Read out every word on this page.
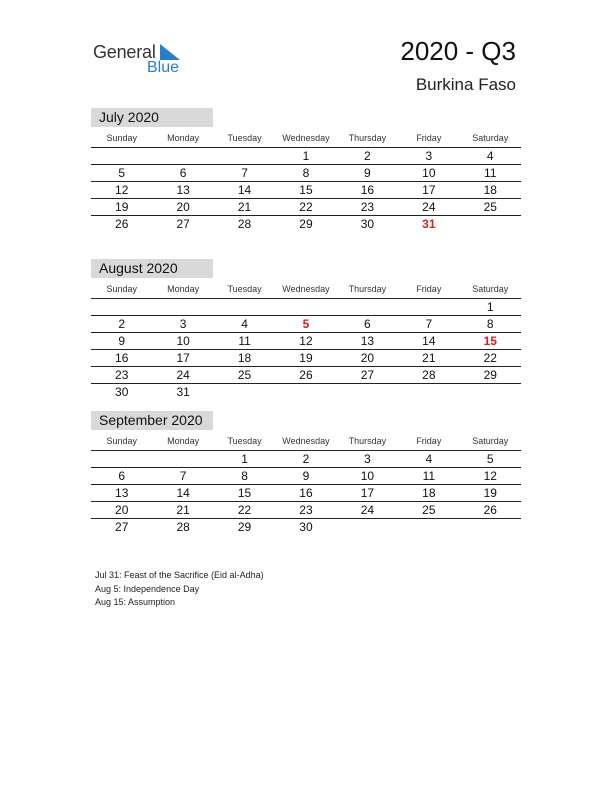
General
Blue
2020 - Q3
Burkina Faso
July 2020
Sunday	Monday	Tuesday	Wednesday	Thursday	Friday	Saturday
			1	2	3	4
5	6	7	8	9	10	11
12	13	14	15	16	17	18
19	20	21	22	23	24	25
26	27	28	29	30	31	
August 2020
Sunday	Monday	Tuesday	Wednesday	Thursday	Friday	Saturday
						1
2	3	4	5	6	7	8
9	10	11	12	13	14	15
16	17	18	19	20	21	22
23	24	25	26	27	28	29
30	31					
September 2020
Sunday	Monday	Tuesday	Wednesday	Thursday	Friday	Saturday
		1	2	3	4	5
6	7	8	9	10	11	12
13	14	15	16	17	18	19
20	21	22	23	24	25	26
27	28	29	30			
Jul 31: Feast of the Sacrifice (Eid al-Adha)
Aug 5: Independence Day
Aug 15: Assumption
